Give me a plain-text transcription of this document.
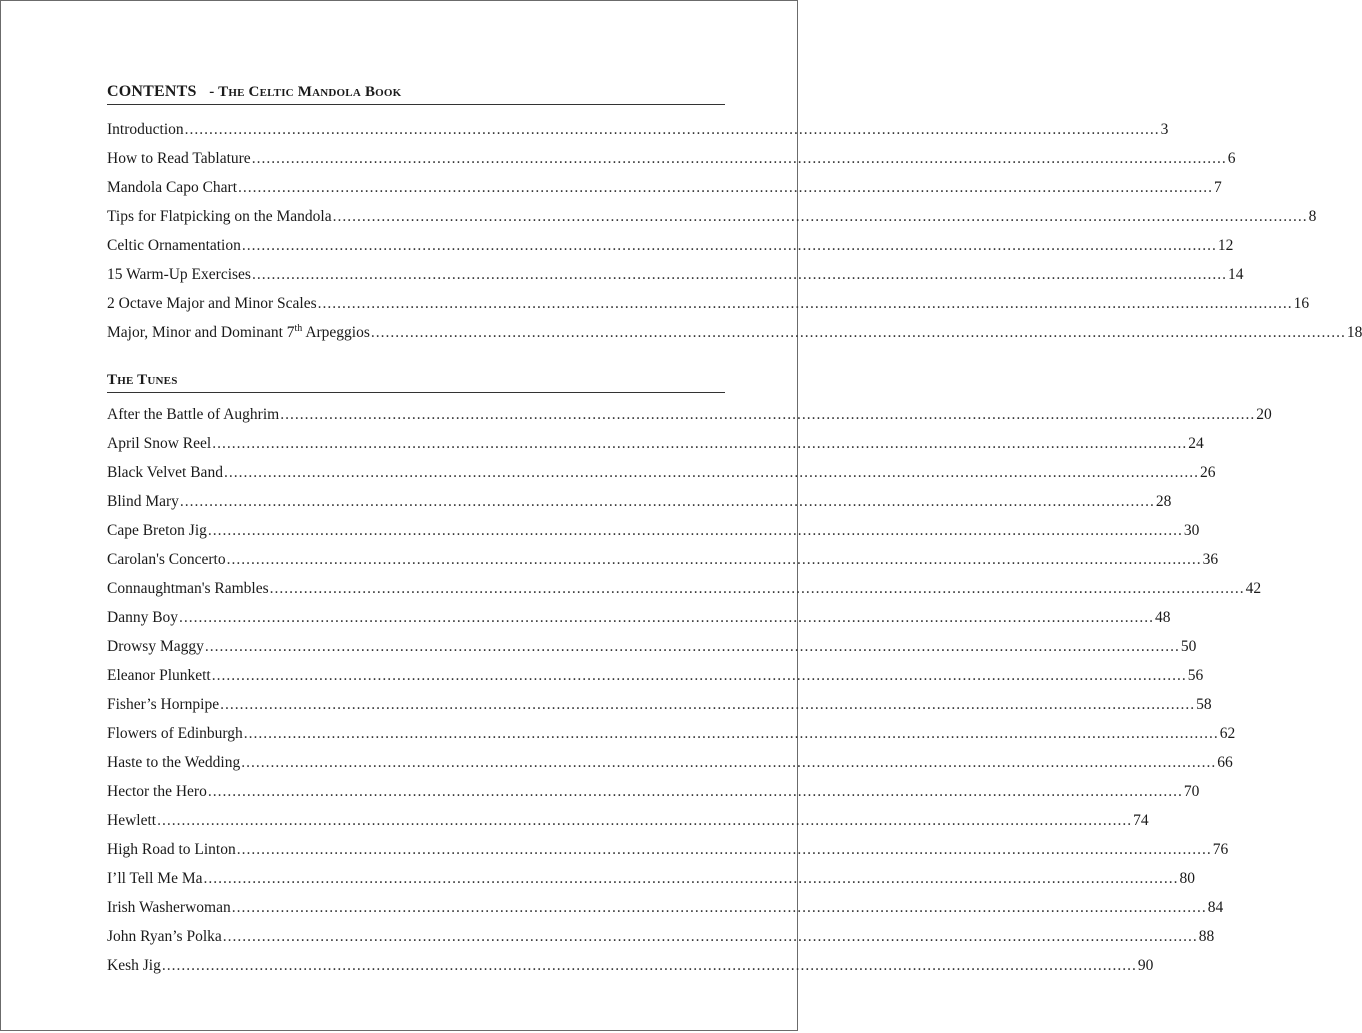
CONTENTS - The Celtic Mandola Book
Introduction ........................................................................................................................................................................................................ 3
How to Read Tablature ........................................................................................................................................................................................................ 6
Mandola Capo Chart ........................................................................................................................................................................................................ 7
Tips for Flatpicking on the Mandola ........................................................................................................................................................................................................ 8
Celtic Ornamentation ........................................................................................................................................................................................................ 12
15 Warm-Up Exercises ........................................................................................................................................................................................................ 14
2 Octave Major and Minor Scales ........................................................................................................................................................................................................ 16
Major, Minor and Dominant 7th Arpeggios ........................................................................................................................................................................................................ 18
The Tunes
After the Battle of Aughrim ........................................................................................................................................................................................................ 20
April Snow Reel ........................................................................................................................................................................................................ 24
Black Velvet Band ........................................................................................................................................................................................................ 26
Blind Mary ........................................................................................................................................................................................................ 28
Cape Breton Jig ........................................................................................................................................................................................................ 30
Carolan's Concerto ........................................................................................................................................................................................................ 36
Connaughtman's Rambles ........................................................................................................................................................................................................ 42
Danny Boy ........................................................................................................................................................................................................ 48
Drowsy Maggy ........................................................................................................................................................................................................ 50
Eleanor Plunkett ........................................................................................................................................................................................................ 56
Fisher’s Hornpipe ........................................................................................................................................................................................................ 58
Flowers of Edinburgh ........................................................................................................................................................................................................ 62
Haste to the Wedding ........................................................................................................................................................................................................ 66
Hector the Hero ........................................................................................................................................................................................................ 70
Hewlett ........................................................................................................................................................................................................ 74
High Road to Linton ........................................................................................................................................................................................................ 76
I’ll Tell Me Ma ........................................................................................................................................................................................................ 80
Irish Washerwoman ........................................................................................................................................................................................................ 84
John Ryan’s Polka ........................................................................................................................................................................................................ 88
Kesh Jig ........................................................................................................................................................................................................ 90
